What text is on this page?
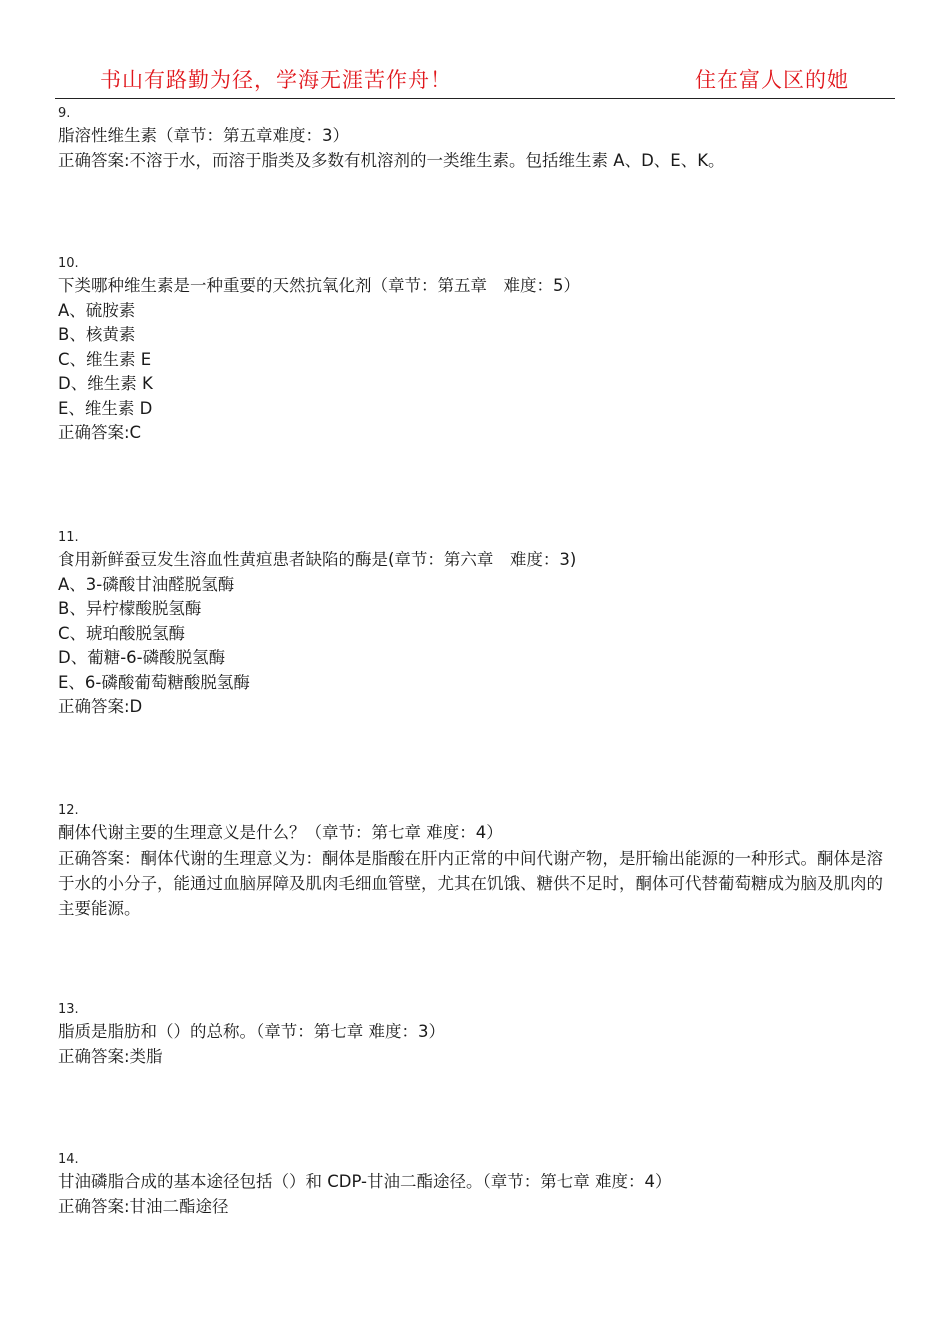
书山有路勤为径，学海无涯苦作舟！	住在富人区的她
9.
脂溶性维生素（章节：第五章难度：3）
正确答案:不溶于水，而溶于脂类及多数有机溶剂的一类维生素。包括维生素 A、D、E、K。
10.
下类哪种维生素是一种重要的天然抗氧化剂（章节：第五章　难度：5）
A、硫胺素
B、核黄素
C、维生素 E
D、维生素 K
E、维生素 D
正确答案:C
11.
食用新鲜蚕豆发生溶血性黄疸患者缺陷的酶是(章节：第六章　难度：3)
A、3-磷酸甘油醛脱氢酶
B、异柠檬酸脱氢酶
C、琥珀酸脱氢酶
D、葡糖-6-磷酸脱氢酶
E、6-磷酸葡萄糖酸脱氢酶
正确答案:D
12.
酮体代谢主要的生理意义是什么？（章节：第七章 难度：4）
正确答案：酮体代谢的生理意义为：酮体是脂酸在肝内正常的中间代谢产物，是肝输出能源的一种形式。酮体是溶于水的小分子，能通过血脑屏障及肌肉毛细血管壁，尤其在饥饿、糖供不足时，酮体可代替葡萄糖成为脑及肌肉的主要能源。
13.
脂质是脂肪和（）的总称。（章节：第七章 难度：3）
正确答案:类脂
14.
甘油磷脂合成的基本途径包括（）和 CDP-甘油二酯途径。（章节：第七章 难度：4）
正确答案:甘油二酯途径
